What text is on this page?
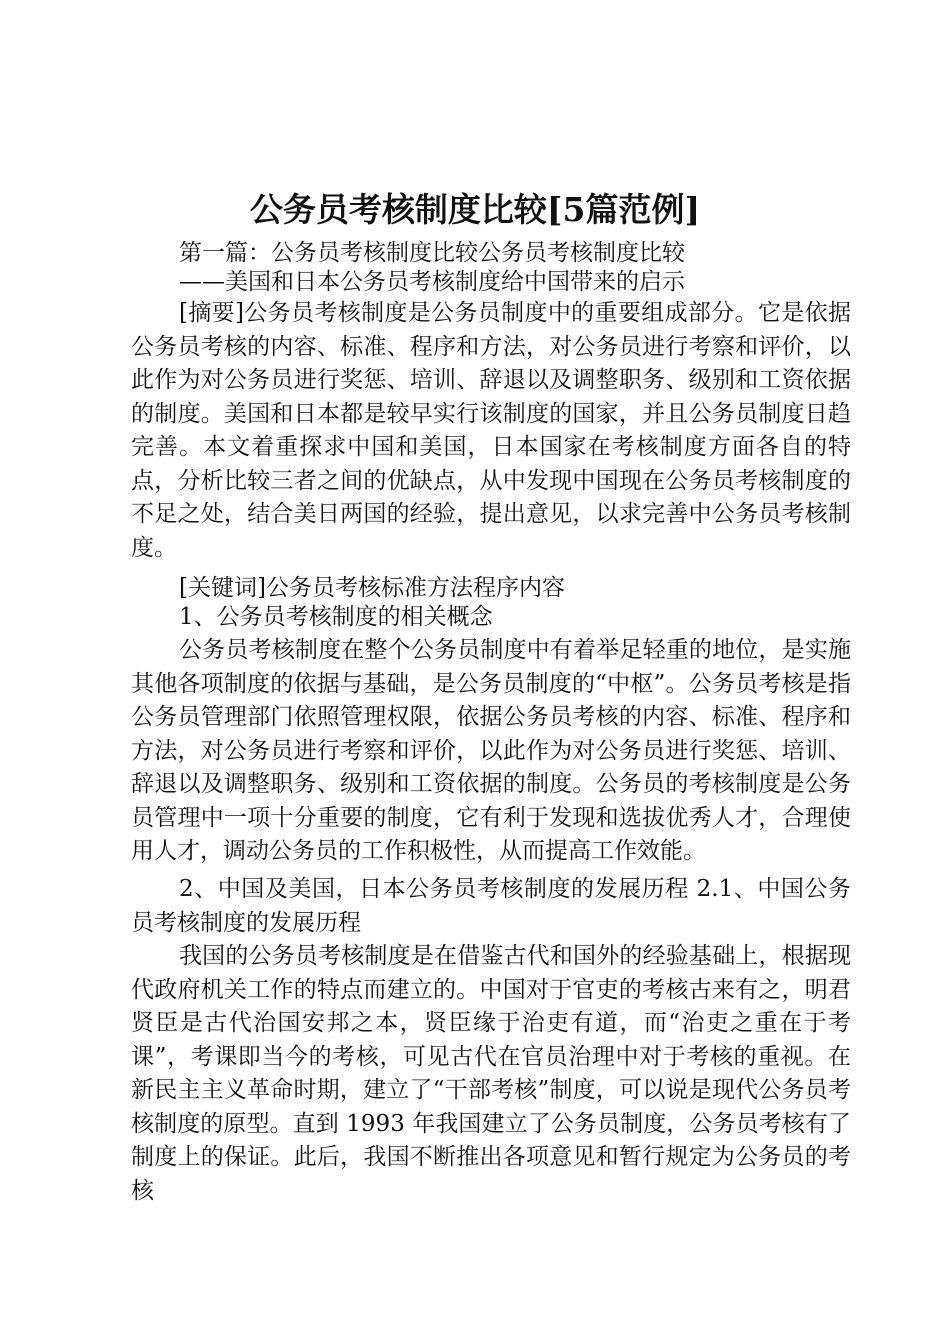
公务员考核制度比较[5篇范例]
第一篇：公务员考核制度比较公务员考核制度比较
——美国和日本公务员考核制度给中国带来的启示
[摘要]公务员考核制度是公务员制度中的重要组成部分。它是依据公务员考核的内容、标准、程序和方法，对公务员进行考察和评价，以此作为对公务员进行奖惩、培训、辞退以及调整职务、级别和工资依据的制度。美国和日本都是较早实行该制度的国家，并且公务员制度日趋完善。本文着重探求中国和美国，日本国家在考核制度方面各自的特点，分析比较三者之间的优缺点，从中发现中国现在公务员考核制度的不足之处，结合美日两国的经验，提出意见，以求完善中公务员考核制度。
[关键词]公务员考核标准方法程序内容
1、公务员考核制度的相关概念
公务员考核制度在整个公务员制度中有着举足轻重的地位，是实施其他各项制度的依据与基础，是公务员制度的“中枢”。公务员考核是指公务员管理部门依照管理权限，依据公务员考核的内容、标准、程序和方法，对公务员进行考察和评价，以此作为对公务员进行奖惩、培训、辞退以及调整职务、级别和工资依据的制度。公务员的考核制度是公务员管理中一项十分重要的制度，它有利于发现和选拔优秀人才，合理使用人才，调动公务员的工作积极性，从而提高工作效能。
2、中国及美国，日本公务员考核制度的发展历程 2.1、中国公务员考核制度的发展历程
我国的公务员考核制度是在借鉴古代和国外的经验基础上，根据现代政府机关工作的特点而建立的。中国对于官吏的考核古来有之，明君贤臣是古代治国安邦之本，贤臣缘于治吏有道，而“治吏之重在于考课”，考课即当今的考核，可见古代在官员治理中对于考核的重视。在新民主主义革命时期，建立了“干部考核”制度，可以说是现代公务员考核制度的原型。直到 1993 年我国建立了公务员制度，公务员考核有了制度上的保证。此后，我国不断推出各项意见和暂行规定为公务员的考核
